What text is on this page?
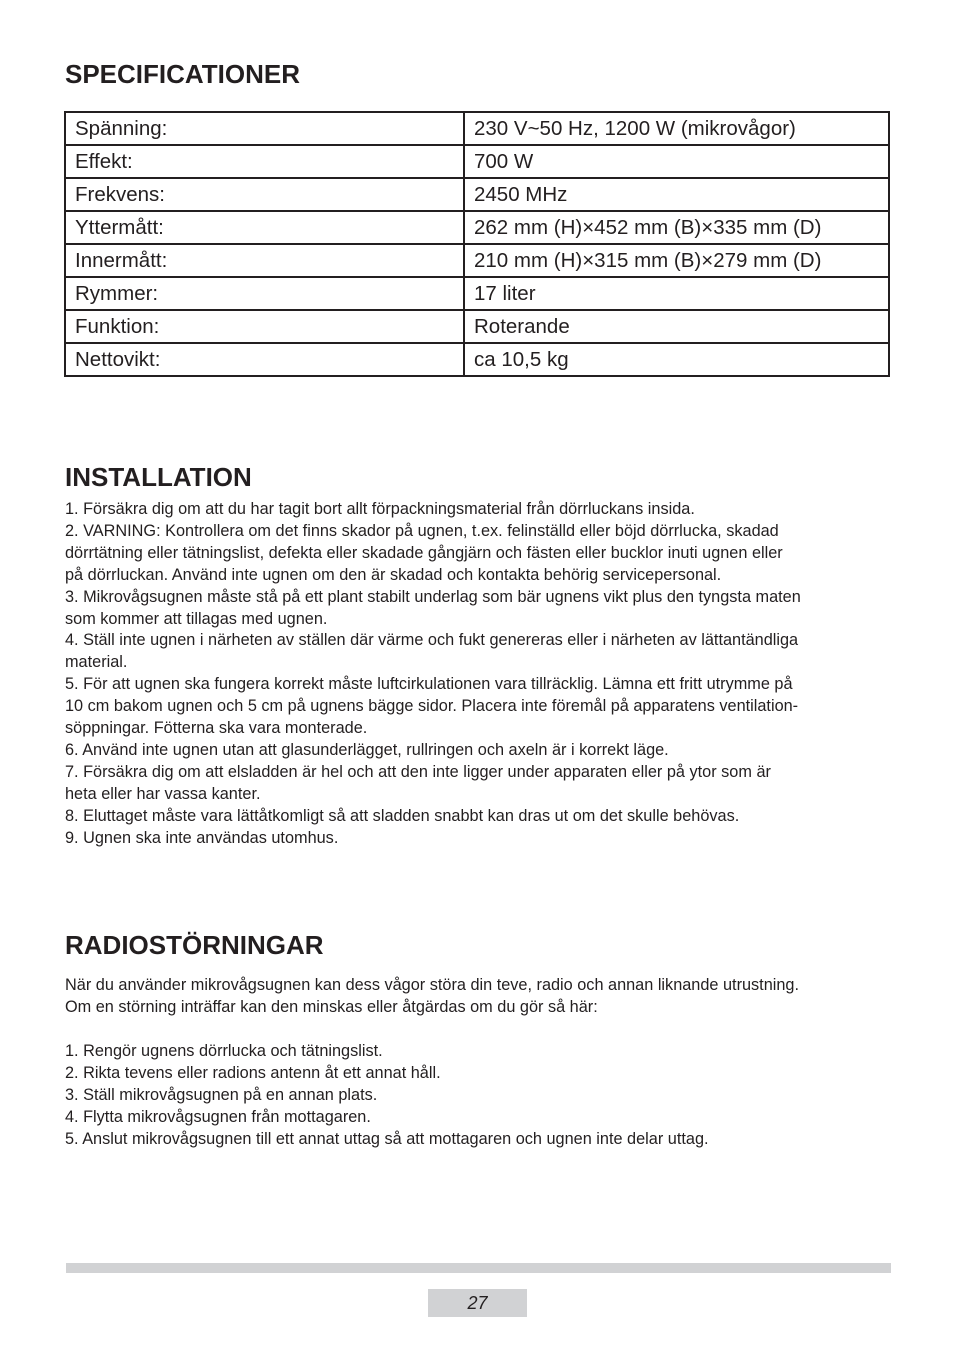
SPECIFICATIONER
Spänning:	230 V~50 Hz, 1200 W (mikrovågor)
Effekt:	700 W
Frekvens:	2450 MHz
Yttermått:	262 mm (H)×452 mm (B)×335 mm (D)
Innermått:	210 mm (H)×315 mm (B)×279 mm (D)
Rymmer:	17 liter
Funktion:	Roterande
Nettovikt:	ca 10,5 kg
INSTALLATION
1. Försäkra dig om att du har tagit bort allt förpackningsmaterial från dörrluckans insida.
2. VARNING: Kontrollera om det finns skador på ugnen, t.ex. felinställd eller böjd dörrlucka, skadad
dörrtätning eller tätningslist, defekta eller skadade gångjärn och fästen eller bucklor inuti ugnen eller
på dörrluckan. Använd inte ugnen om den är skadad och kontakta behörig servicepersonal.
3. Mikrovågsugnen måste stå på ett plant stabilt underlag som bär ugnens vikt plus den tyngsta maten
som kommer att tillagas med ugnen.
4. Ställ inte ugnen i närheten av ställen där värme och fukt genereras eller i närheten av lättantändliga
material.
5. För att ugnen ska fungera korrekt måste luftcirkulationen vara tillräcklig. Lämna ett fritt utrymme på
10 cm bakom ugnen och 5 cm på ugnens bägge sidor. Placera inte föremål på apparatens ventilation-
söppningar. Fötterna ska vara monterade.
6. Använd inte ugnen utan att glasunderlägget, rullringen och axeln är i korrekt läge.
7. Försäkra dig om att elsladden är hel och att den inte ligger under apparaten eller på ytor som är
heta eller har vassa kanter.
8. Eluttaget måste vara lättåtkomligt så att sladden snabbt kan dras ut om det skulle behövas.
9. Ugnen ska inte användas utomhus.
RADIOSTÖRNINGAR
När du använder mikrovågsugnen kan dess vågor störa din teve, radio och annan liknande utrustning.
Om en störning inträffar kan den minskas eller åtgärdas om du gör så här:
1. Rengör ugnens dörrlucka och tätningslist.
2. Rikta tevens eller radions antenn åt ett annat håll.
3. Ställ mikrovågsugnen på en annan plats.
4. Flytta mikrovågsugnen från mottagaren.
5. Anslut mikrovågsugnen till ett annat uttag så att mottagaren och ugnen inte delar uttag.
27
